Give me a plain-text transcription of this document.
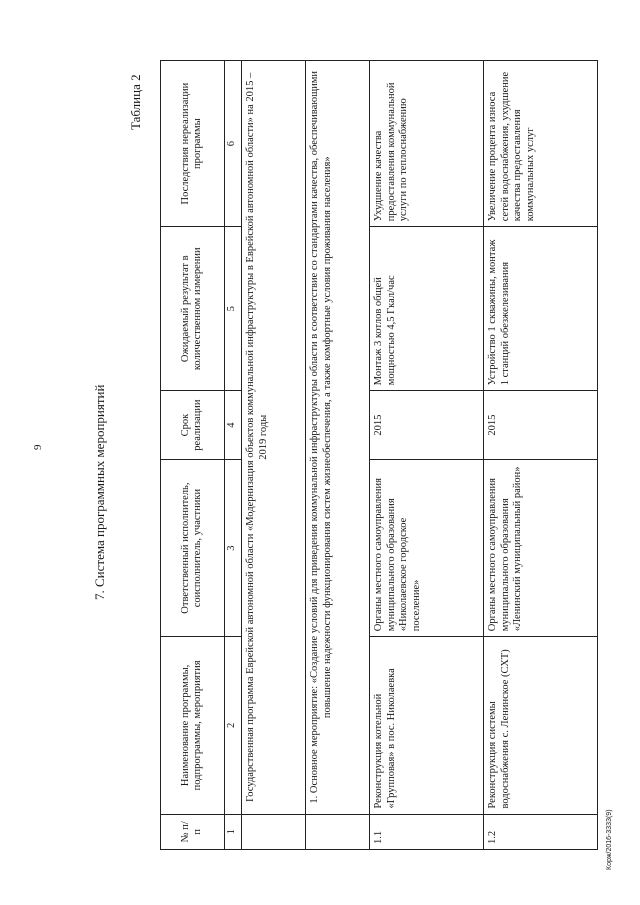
9
Корж/2016-3333(9)
7. Система программных мероприятий
Таблица 2
№ п/п	Наименование программы, подпрограммы, мероприятия	Ответственный исполнитель, соисполнитель, участники	Срок реализации	Ожидаемый результат в количественном измерении	Последствия нереализации программы
1	2	3	4	5	6
	Государственная программа Еврейской автономной области «Модернизация объектов коммунальной инфраструктуры в Еврейской автономной области» на 2015 – 2019 годы				
	1. Основное мероприятие: «Создание условий для приведения коммунальной инфраструктуры области в соответствие со стандартами качества, обеспечивающими повышение надежности функционирования систем жизнеобеспечения, а также комфортные условия проживания населения»				
1.1	Реконструкция котельной «Групповая» в пос. Николаевка	Органы местного самоуправления муниципального образования «Николаевское городское поселение»	2015	Монтаж 3 котлов общей мощностью 4,5 Гкал/час	Ухудшение качества предоставления коммунальной услуги по теплоснабжению
1.2	Реконструкция системы водоснабжения с. Ленинское (СХТ)	Органы местного самоуправления муниципального образования «Ленинский муниципальный район»	2015	Устройство 1 скважины, монтаж 1 станций обезжелезивания	Увеличение процента износа сетей водоснабжения, ухудшение качества предоставления коммунальных услуг
